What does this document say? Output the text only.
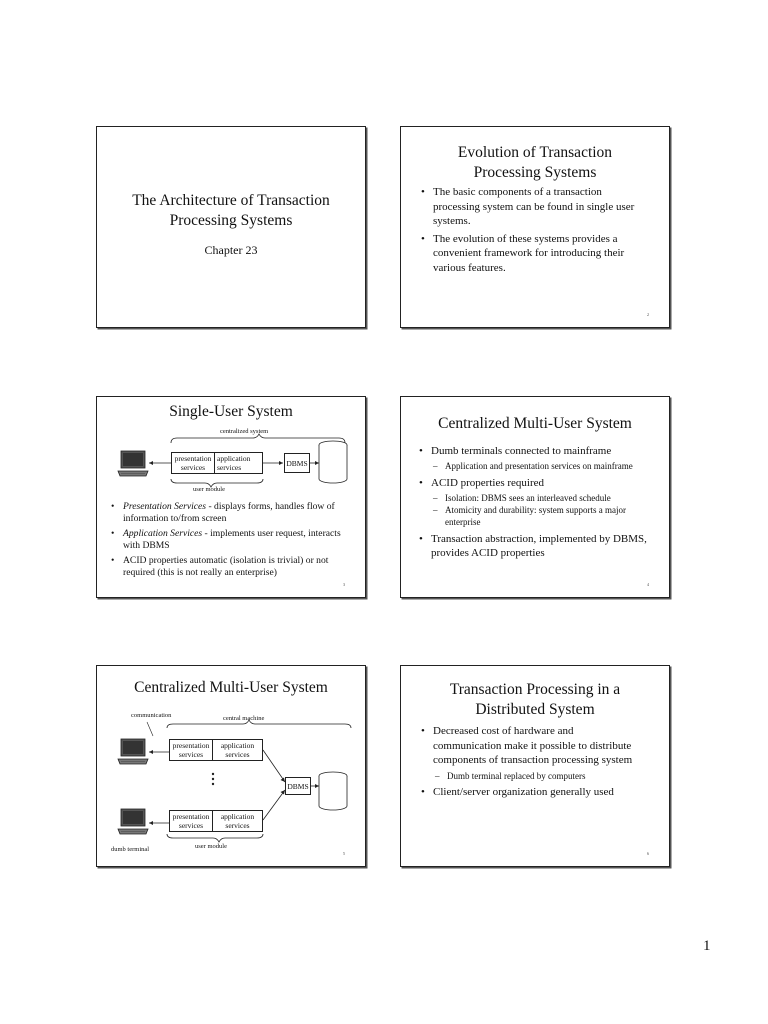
The Architecture of Transaction
Processing Systems
Chapter 23
Evolution of Transaction
Processing Systems
• The basic components of a transaction processing system can be found in single user systems.
• The evolution of these systems provides a convenient framework for introducing their various features.
2
Single-User System
centralized system
presentation services
application services	DBMS
user module
• Presentation Services - displays forms, handles flow of information to/from screen
• Application Services - implements user request, interacts with DBMS
• ACID properties automatic (isolation is trivial) or not required (this is not really an enterprise)
3
Centralized Multi-User System
• Dumb terminals connected to mainframe
– Application and presentation services on mainframe
• ACID properties required
– Isolation: DBMS sees an interleaved schedule
– Atomicity and durability: system supports a major enterprise
• Transaction abstraction, implemented by DBMS, provides ACID properties
4
Centralized Multi-User System
communication	central machine
presentation services
application services
presentation services
application services
DBMS
dumb terminal	user module
5
Transaction Processing in a
Distributed System
• Decreased cost of hardware and communication make it possible to distribute components of transaction processing system
– Dumb terminal replaced by computers
• Client/server organization generally used
6
1
